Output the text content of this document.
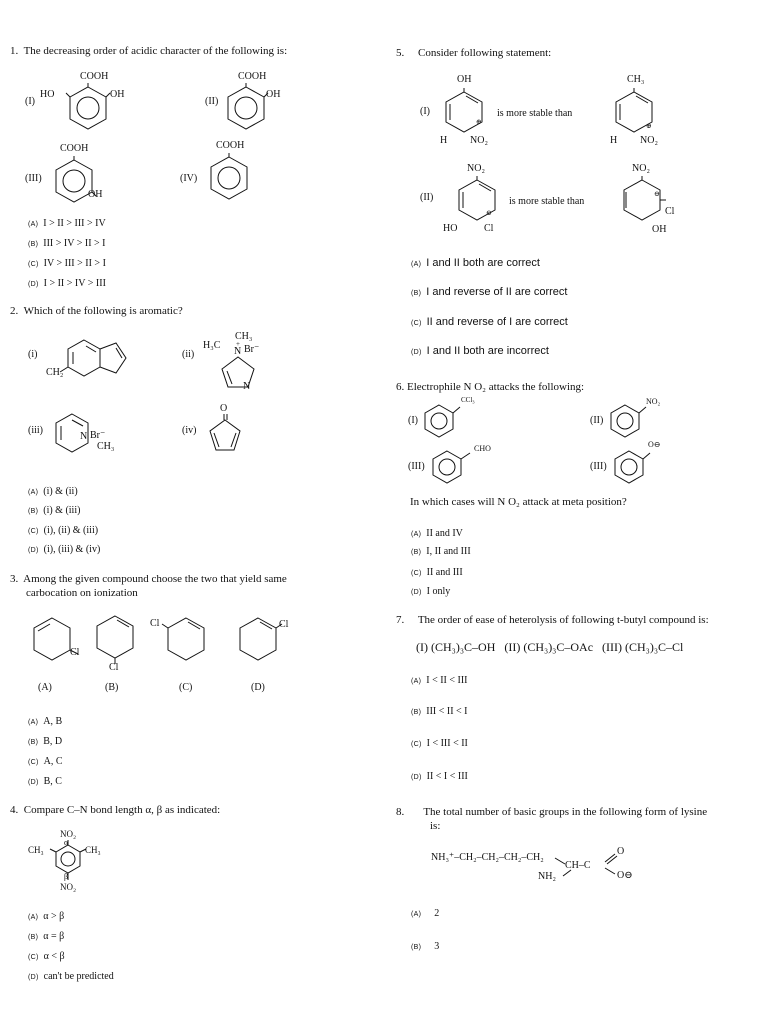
1. The decreasing order of acidic character of the following is:
(I)
COOH
HO	OH
(II)
COOH
OH
(III)
COOH
OH
(IV)
COOH
(A) I > II > III > IV
(B) III > IV > II > I
(C) IV > III > II > I
(D) I > II > IV > III
2. Which of the following is aromatic?
(i)
CH₂
(ii)
CH₃
H₃C
N
+ Br⁻
N
(iii)
N Br⁻
CH₃
(iv)
O
(A) (i) & (ii)
(B) (i) & (iii)
(C) (i), (ii) & (iii)
(D) (i), (iii) & (iv)
3. Among the given compound choose the two that yield same
carbocation on ionization
Cl
(A)
Cl
(B)
Cl
(C)
Cl
(D)
(A) A, B
(B) B, D
(C) A, C
(D) B, C
4. Compare C–N bond length α, β as indicated:
NO₂
α
CH₃	CH₃
β
NO₂
(A) α > β
(B) α = β
(C) α < β
(D) can't be predicted
5. Consider following statement:
(I)
OH
⊕
H NO₂
is more stable than
CH₃
⊕
H NO₂
(II)
NO₂
⊖
HO	Cl
is more stable than
NO₂
⊖
Cl
OH
(A) I and II both are correct
(B) I and reverse of II are correct
(C) II and reverse of I are correct
(D) I and II both are incorrect
6. Electrophile N O₂ attacks the following:
(I)
CCl₃
(II)
NO₂
(III)
CHO
(III)
O⊖
In which cases will N O₂ attack at meta position?
(A) II and IV
(B) I, II and III
(C) II and III
(D) I only
7. The order of ease of heterolysis of following t-butyl compound is:
(I) (CH₃)₃C–OH   (II) (CH₃)₃C–OAc   (III) (CH₃)₃C–Cl
(A) I < II < III
(B) III < II < I
(C) I < III < II
(D) II < I < III
8. The total number of basic groups in the following form of lysine
is:
NH₃⁺–CH₂–CH₂–CH₂–CH₂
CH–C
NH₂
O
O⊖
(A) 2
(B) 3
